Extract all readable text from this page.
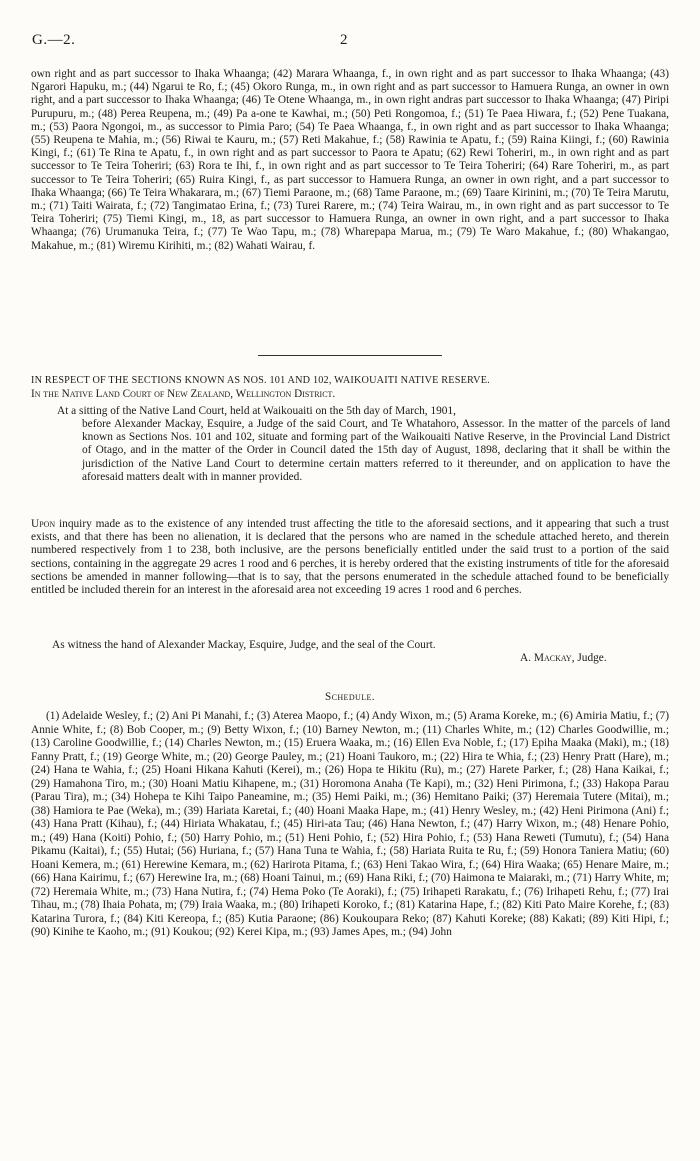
G.—2.	2
own right and as part successor to Ihaka Whaanga; (42) Marara Whaanga, f., in own right and as part successor to Ihaka Whaanga; (43) Ngarori Hapuku, m.; (44) Ngarui te Ro, f.; (45) Okoro Runga, m., in own right and as part successor to Hamuera Runga, an owner in own right, and a part successor to Ihaka Whaanga; (46) Te Otene Whaanga, m., in own right andras part successor to Ihaka Whaanga; (47) Piripi Purupuru, m.; (48) Perea Reupena, m.; (49) Pa a-one te Kawhai, m.; (50) Peti Rongomoa, f.; (51) Te Paea Hiwara, f.; (52) Pene Tuakana, m.; (53) Paora Ngongoi, m., as successor to Pimia Paro; (54) Te Paea Whaanga, f., in own right and as part successor to Ihaka Whaanga; (55) Reupena te Mahia, m.; (56) Riwai te Kauru, m.; (57) Reti Makahue, f.; (58) Rawinia te Apatu, f.; (59) Raina Kiingi, f.; (60) Rawinia Kingi, f.; (61) Te Rina te Apatu, f., in own right and as part successor to Paora te Apatu; (62) Rewi Toheriri, m., in own right and as part successor to Te Teira Toheriri; (63) Rora te Ihi, f., in own right and as part successor to Te Teira Toheriri; (64) Rare Toheriri, m., as part successor to Te Teira Toheriri; (65) Ruira Kingi, f., as part successor to Hamuera Runga, an owner in own right, and a part successor to Ihaka Whaanga; (66) Te Teira Whakarara, m.; (67) Tiemi Paraone, m.; (68) Tame Paraone, m.; (69) Taare Kirinini, m.; (70) Te Teira Marutu, m.; (71) Taiti Wairata, f.; (72) Tangimatao Erina, f.; (73) Turei Rarere, m.; (74) Teira Wairau, m., in own right and as part successor to Te Teira Toheriri; (75) Tiemi Kingi, m., 18, as part successor to Hamuera Runga, an owner in own right, and a part successor to Ihaka Whaanga; (76) Urumanuka Teira, f.; (77) Te Wao Tapu, m.; (78) Wharepapa Marua, m.; (79) Te Waro Makahue, f.; (80) Whakangao, Makahue, m.; (81) Wiremu Kirihiti, m.; (82) Wahati Wairau, f.
IN RESPECT OF THE SECTIONS KNOWN AS NOS. 101 AND 102, WAIKOUAITI NATIVE RESERVE.
In the Native Land Court of New Zealand, Wellington District.
At a sitting of the Native Land Court, held at Waikouaiti on the 5th day of March, 1901,
before Alexander Mackay, Esquire, a Judge of the said Court, and Te Whatahoro, Assessor. In the matter of the parcels of land known as Sections Nos. 101 and 102, situate and forming part of the Waikouaiti Native Reserve, in the Provincial Land District of Otago, and in the matter of the Order in Council dated the 15th day of August, 1898, declaring that it shall be within the jurisdiction of the Native Land Court to determine certain matters referred to it thereunder, and on application to have the aforesaid matters dealt with in manner provided.
Upon inquiry made as to the existence of any intended trust affecting the title to the aforesaid sections, and it appearing that such a trust exists, and that there has been no alienation, it is declared that the persons who are named in the schedule attached hereto, and therein numbered respectively from 1 to 238, both inclusive, are the persons beneficially entitled under the said trust to a portion of the said sections, containing in the aggregate 29 acres 1 rood and 6 perches, it is hereby ordered that the existing instruments of title for the aforesaid sections be amended in manner following—that is to say, that the persons enumerated in the schedule attached found to be beneficially entitled be included therein for an interest in the aforesaid area not exceeding 19 acres 1 rood and 6 perches.
As witness the hand of Alexander Mackay, Esquire, Judge, and the seal of the Court.
A. Mackay, Judge.
Schedule.
(1) Adelaide Wesley, f.; (2) Ani Pi Manahi, f.; (3) Aterea Maopo, f.; (4) Andy Wixon, m.; (5) Arama Koreke, m.; (6) Amiria Matiu, f.; (7) Annie White, f.; (8) Bob Cooper, m.; (9) Betty Wixon, f.; (10) Barney Newton, m.; (11) Charles White, m.; (12) Charles Goodwillie, m.; (13) Caroline Goodwillie, f.; (14) Charles Newton, m.; (15) Eruera Waaka, m.; (16) Ellen Eva Noble, f.; (17) Epiha Maaka (Maki), m.; (18) Fanny Pratt, f.; (19) George White, m.; (20) George Pauley, m.; (21) Hoani Taukoro, m.; (22) Hira te Whia, f.; (23) Henry Pratt (Hare), m.; (24) Hana te Wahia, f.; (25) Hoani Hikana Kahuti (Kerei), m.; (26) Hopa te Hikitu (Ru), m.; (27) Harete Parker, f.; (28) Hana Kaikai, f.; (29) Hamahona Tiro, m.; (30) Hoani Matiu Kihapene, m.; (31) Horomona Anaha (Te Kapi), m.; (32) Heni Pirimona, f.; (33) Hakopa Parau (Parau Tira), m.; (34) Hohepa te Kihi Taipo Paneamine, m.; (35) Hemi Paiki, m.; (36) Hemitano Paiki; (37) Heremaia Tutere (Mitai), m.; (38) Hamiora te Pae (Weka), m.; (39) Hariata Karetai, f.; (40) Hoani Maaka Hape, m.; (41) Henry Wesley, m.; (42) Heni Pirimona (Ani) f.; (43) Hana Pratt (Kihau), f.; (44) Hiriata Whakatau, f.; (45) Hiri-ata Tau; (46) Hana Newton, f.; (47) Harry Wixon, m.; (48) Henare Pohio, m.; (49) Hana (Koiti) Pohio, f.; (50) Harry Pohio, m.; (51) Heni Pohio, f.; (52) Hira Pohio, f.; (53) Hana Reweti (Tumutu), f.; (54) Hana Pikamu (Kaitai), f.; (55) Hutai; (56) Huriana, f.; (57) Hana Tuna te Wahia, f.; (58) Hariata Ruita te Ru, f.; (59) Honora Taniera Matiu; (60) Hoani Kemera, m.; (61) Herewine Kemara, m.; (62) Harirota Pitama, f.; (63) Heni Takao Wira, f.; (64) Hira Waaka; (65) Henare Maire, m.; (66) Hana Kairimu, f.; (67) Herewine Ira, m.; (68) Hoani Tainui, m.; (69) Hana Riki, f.; (70) Haimona te Maiaraki, m.; (71) Harry White, m; (72) Heremaia White, m.; (73) Hana Nutira, f.; (74) Hema Poko (Te Aoraki), f.; (75) Irihapeti Rarakatu, f.; (76) Irihapeti Rehu, f.; (77) Irai Tihau, m.; (78) Ihaia Pohata, m; (79) Iraia Waaka, m.; (80) Irihapeti Koroko, f.; (81) Katarina Hape, f.; (82) Kiti Pato Maire Korehe, f.; (83) Katarina Turora, f.; (84) Kiti Kereopa, f.; (85) Kutia Paraone; (86) Koukoupara Reko; (87) Kahuti Koreke; (88) Kakati; (89) Kiti Hipi, f.; (90) Kinihe te Kaoho, m.; (91) Koukou; (92) Kerei Kipa, m.; (93) James Apes, m.; (94) John
